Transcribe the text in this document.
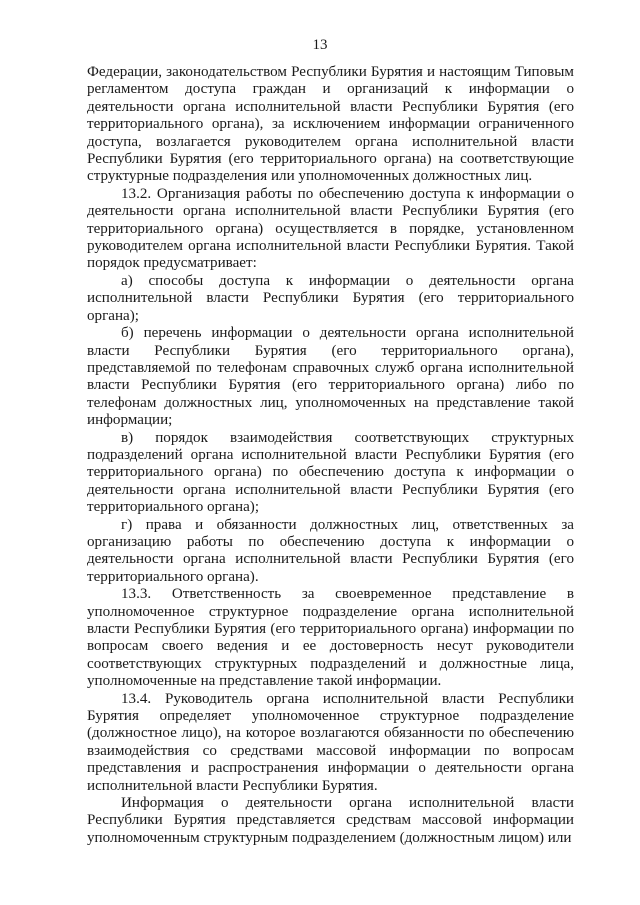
13

Федерации, законодательством Республики Бурятия и настоящим Типовым регламентом доступа граждан и организаций к информации о деятельности органа исполнительной власти Республики Бурятия (его территориального органа), за исключением информации ограниченного доступа, возлагается руководителем органа исполнительной власти Республики Бурятия (его территориального органа) на соответствующие структурные подразделения или уполномоченных должностных лиц.

13.2. Организация работы по обеспечению доступа к информации о деятельности органа исполнительной власти Республики Бурятия (его территориального органа) осуществляется в порядке, установленном руководителем органа исполнительной власти Республики Бурятия. Такой порядок предусматривает:

а) способы доступа к информации о деятельности органа исполнительной власти Республики Бурятия (его территориального органа);

б) перечень информации о деятельности органа исполнительной власти Республики Бурятия (его территориального органа), представляемой по телефонам справочных служб органа исполнительной власти Республики Бурятия (его территориального органа) либо по телефонам должностных лиц, уполномоченных на представление такой информации;

в) порядок взаимодействия соответствующих структурных подразделений органа исполнительной власти Республики Бурятия (его территориального органа) по обеспечению доступа к информации о деятельности органа исполнительной власти Республики Бурятия (его территориального органа);

г) права и обязанности должностных лиц, ответственных за организацию работы по обеспечению доступа к информации о деятельности органа исполнительной власти Республики Бурятия (его территориального органа).

13.3. Ответственность за своевременное представление в уполномоченное структурное подразделение органа исполнительной власти Республики Бурятия (его территориального органа) информации по вопросам своего ведения и ее достоверность несут руководители соответствующих структурных подразделений и должностные лица, уполномоченные на представление такой информации.

13.4. Руководитель органа исполнительной власти Республики Бурятия определяет уполномоченное структурное подразделение (должностное лицо), на которое возлагаются обязанности по обеспечению взаимодействия со средствами массовой информации по вопросам представления и распространения информации о деятельности органа исполнительной власти Республики Бурятия.

Информация о деятельности органа исполнительной власти Республики Бурятия представляется средствам массовой информации уполномоченным структурным подразделением (должностным лицом) или
